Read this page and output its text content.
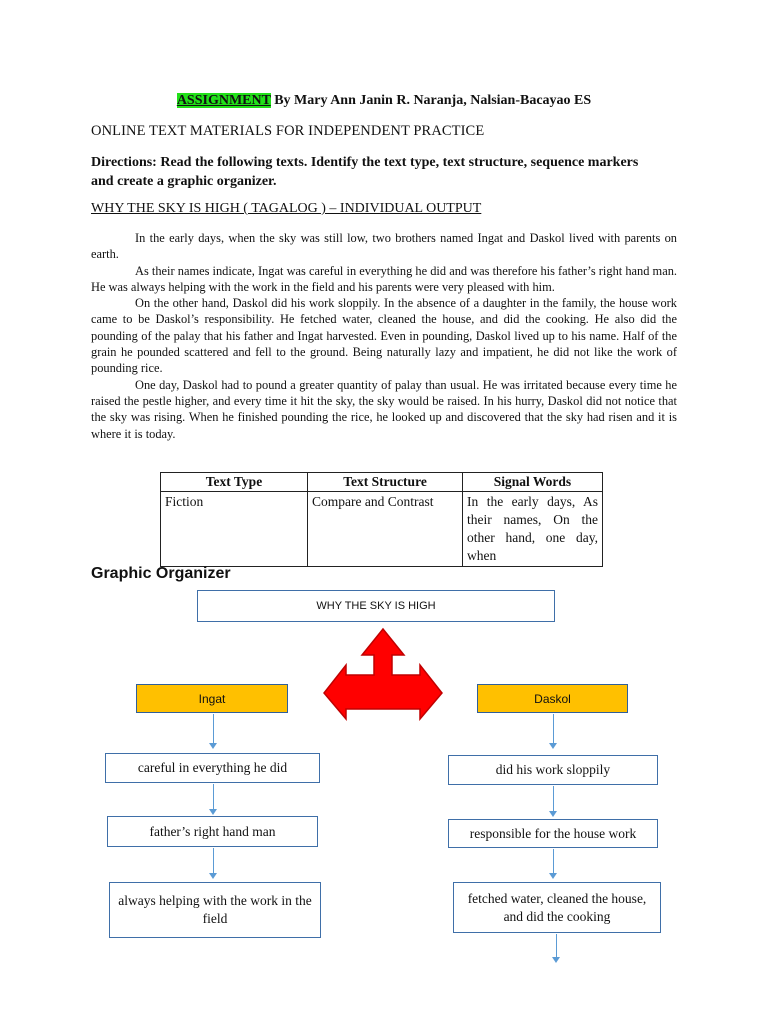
ASSIGNMENT By Mary Ann Janin R. Naranja, Nalsian-Bacayao ES
ONLINE TEXT MATERIALS FOR INDEPENDENT PRACTICE
Directions: Read the following texts. Identify the text type, text structure, sequence markers and create a graphic organizer.
WHY THE SKY IS HIGH ( TAGALOG ) – INDIVIDUAL OUTPUT

In the early days, when the sky was still low, two brothers named Ingat and Daskol lived with parents on earth.

As their names indicate, Ingat was careful in everything he did and was therefore his father’s right hand man. He was always helping with the work in the field and his parents were very pleased with him.

On the other hand, Daskol did his work sloppily. In the absence of a daughter in the family, the house work came to be Daskol’s responsibility. He fetched water, cleaned the house, and did the cooking. He also did the pounding of the palay that his father and Ingat harvested. Even in pounding, Daskol lived up to his name. Half of the grain he pounded scattered and fell to the ground. Being naturally lazy and impatient, he did not like the work of pounding rice.

One day, Daskol had to pound a greater quantity of palay than usual. He was irritated because every time he raised the pestle higher, and every time it hit the sky, the sky would be raised. In his hurry, Daskol did not notice that the sky was rising. When he finished pounding the rice, he looked up and discovered that the sky had risen and it is where it is today.

Text Type	Text Structure	Signal Words
Fiction	Compare and Contrast	In the early days, As their names, On the other hand, one day, when
Graphic Organizer
WHY THE SKY IS HIGH
Ingat	Daskol
careful in everything he did	did his work sloppily
father’s right hand man	responsible for the house work
always helping with the work in the field
fetched water, cleaned the house, and did the cooking
